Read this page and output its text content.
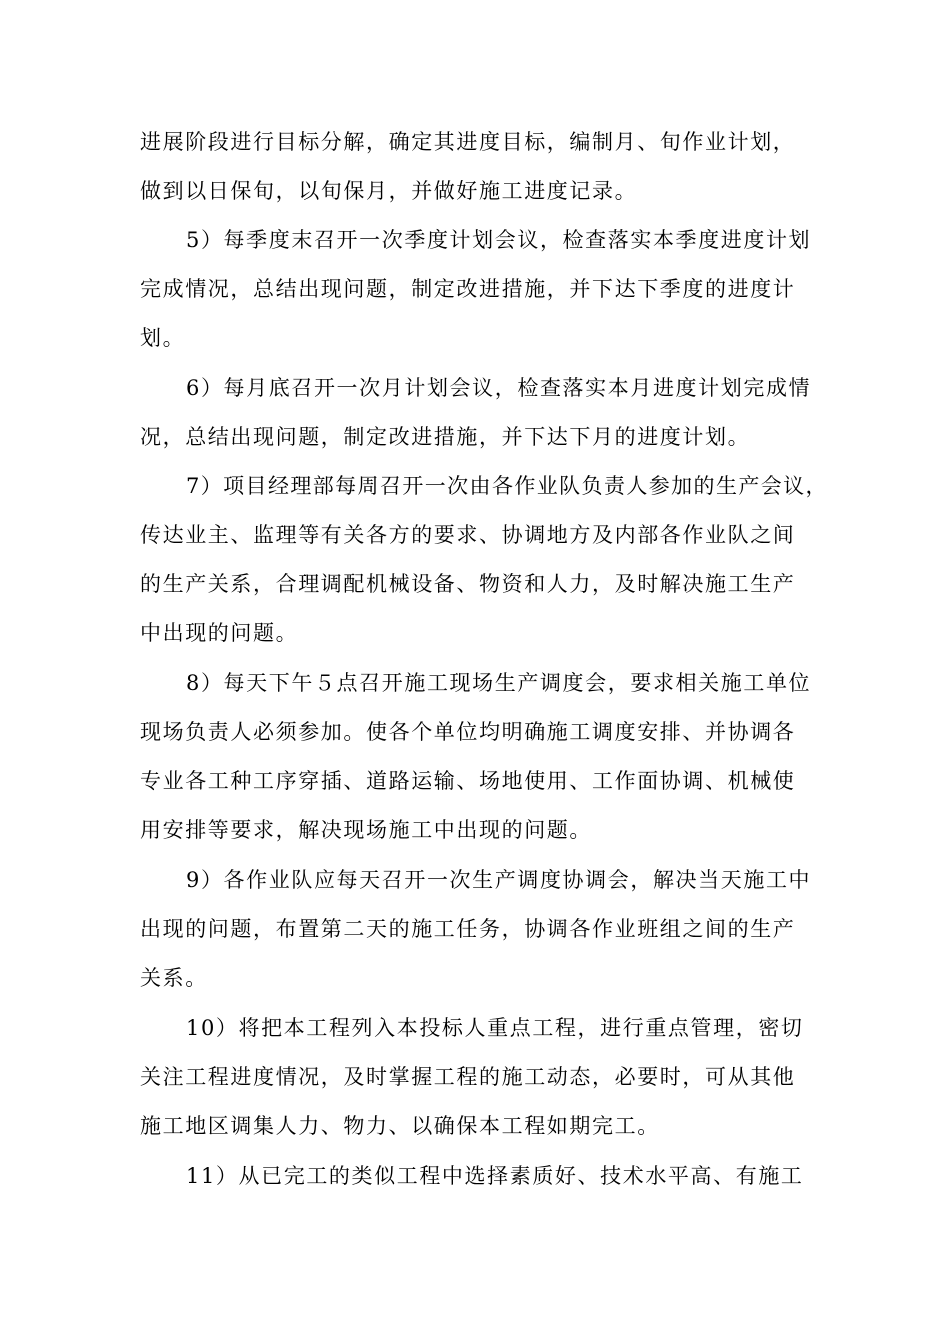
进展阶段进行目标分解，确定其进度目标，编制月、旬作业计划，
做到以日保旬，以旬保月，并做好施工进度记录。
5）每季度末召开一次季度计划会议，检查落实本季度进度计划
完成情况，总结出现问题，制定改进措施，并下达下季度的进度计
划。
6）每月底召开一次月计划会议，检查落实本月进度计划完成情
况，总结出现问题，制定改进措施，并下达下月的进度计划。
7）项目经理部每周召开一次由各作业队负责人参加的生产会议，
传达业主、监理等有关各方的要求、协调地方及内部各作业队之间
的生产关系，合理调配机械设备、物资和人力，及时解决施工生产
中出现的问题。
8）每天下午５点召开施工现场生产调度会，要求相关施工单位
现场负责人必须参加。使各个单位均明确施工调度安排、并协调各
专业各工种工序穿插、道路运输、场地使用、工作面协调、机械使
用安排等要求，解决现场施工中出现的问题。
9）各作业队应每天召开一次生产调度协调会，解决当天施工中
出现的问题，布置第二天的施工任务，协调各作业班组之间的生产
关系。
10）将把本工程列入本投标人重点工程，进行重点管理，密切
关注工程进度情况，及时掌握工程的施工动态，必要时，可从其他
施工地区调集人力、物力、以确保本工程如期完工。
11）从已完工的类似工程中选择素质好、技术水平高、有施工
